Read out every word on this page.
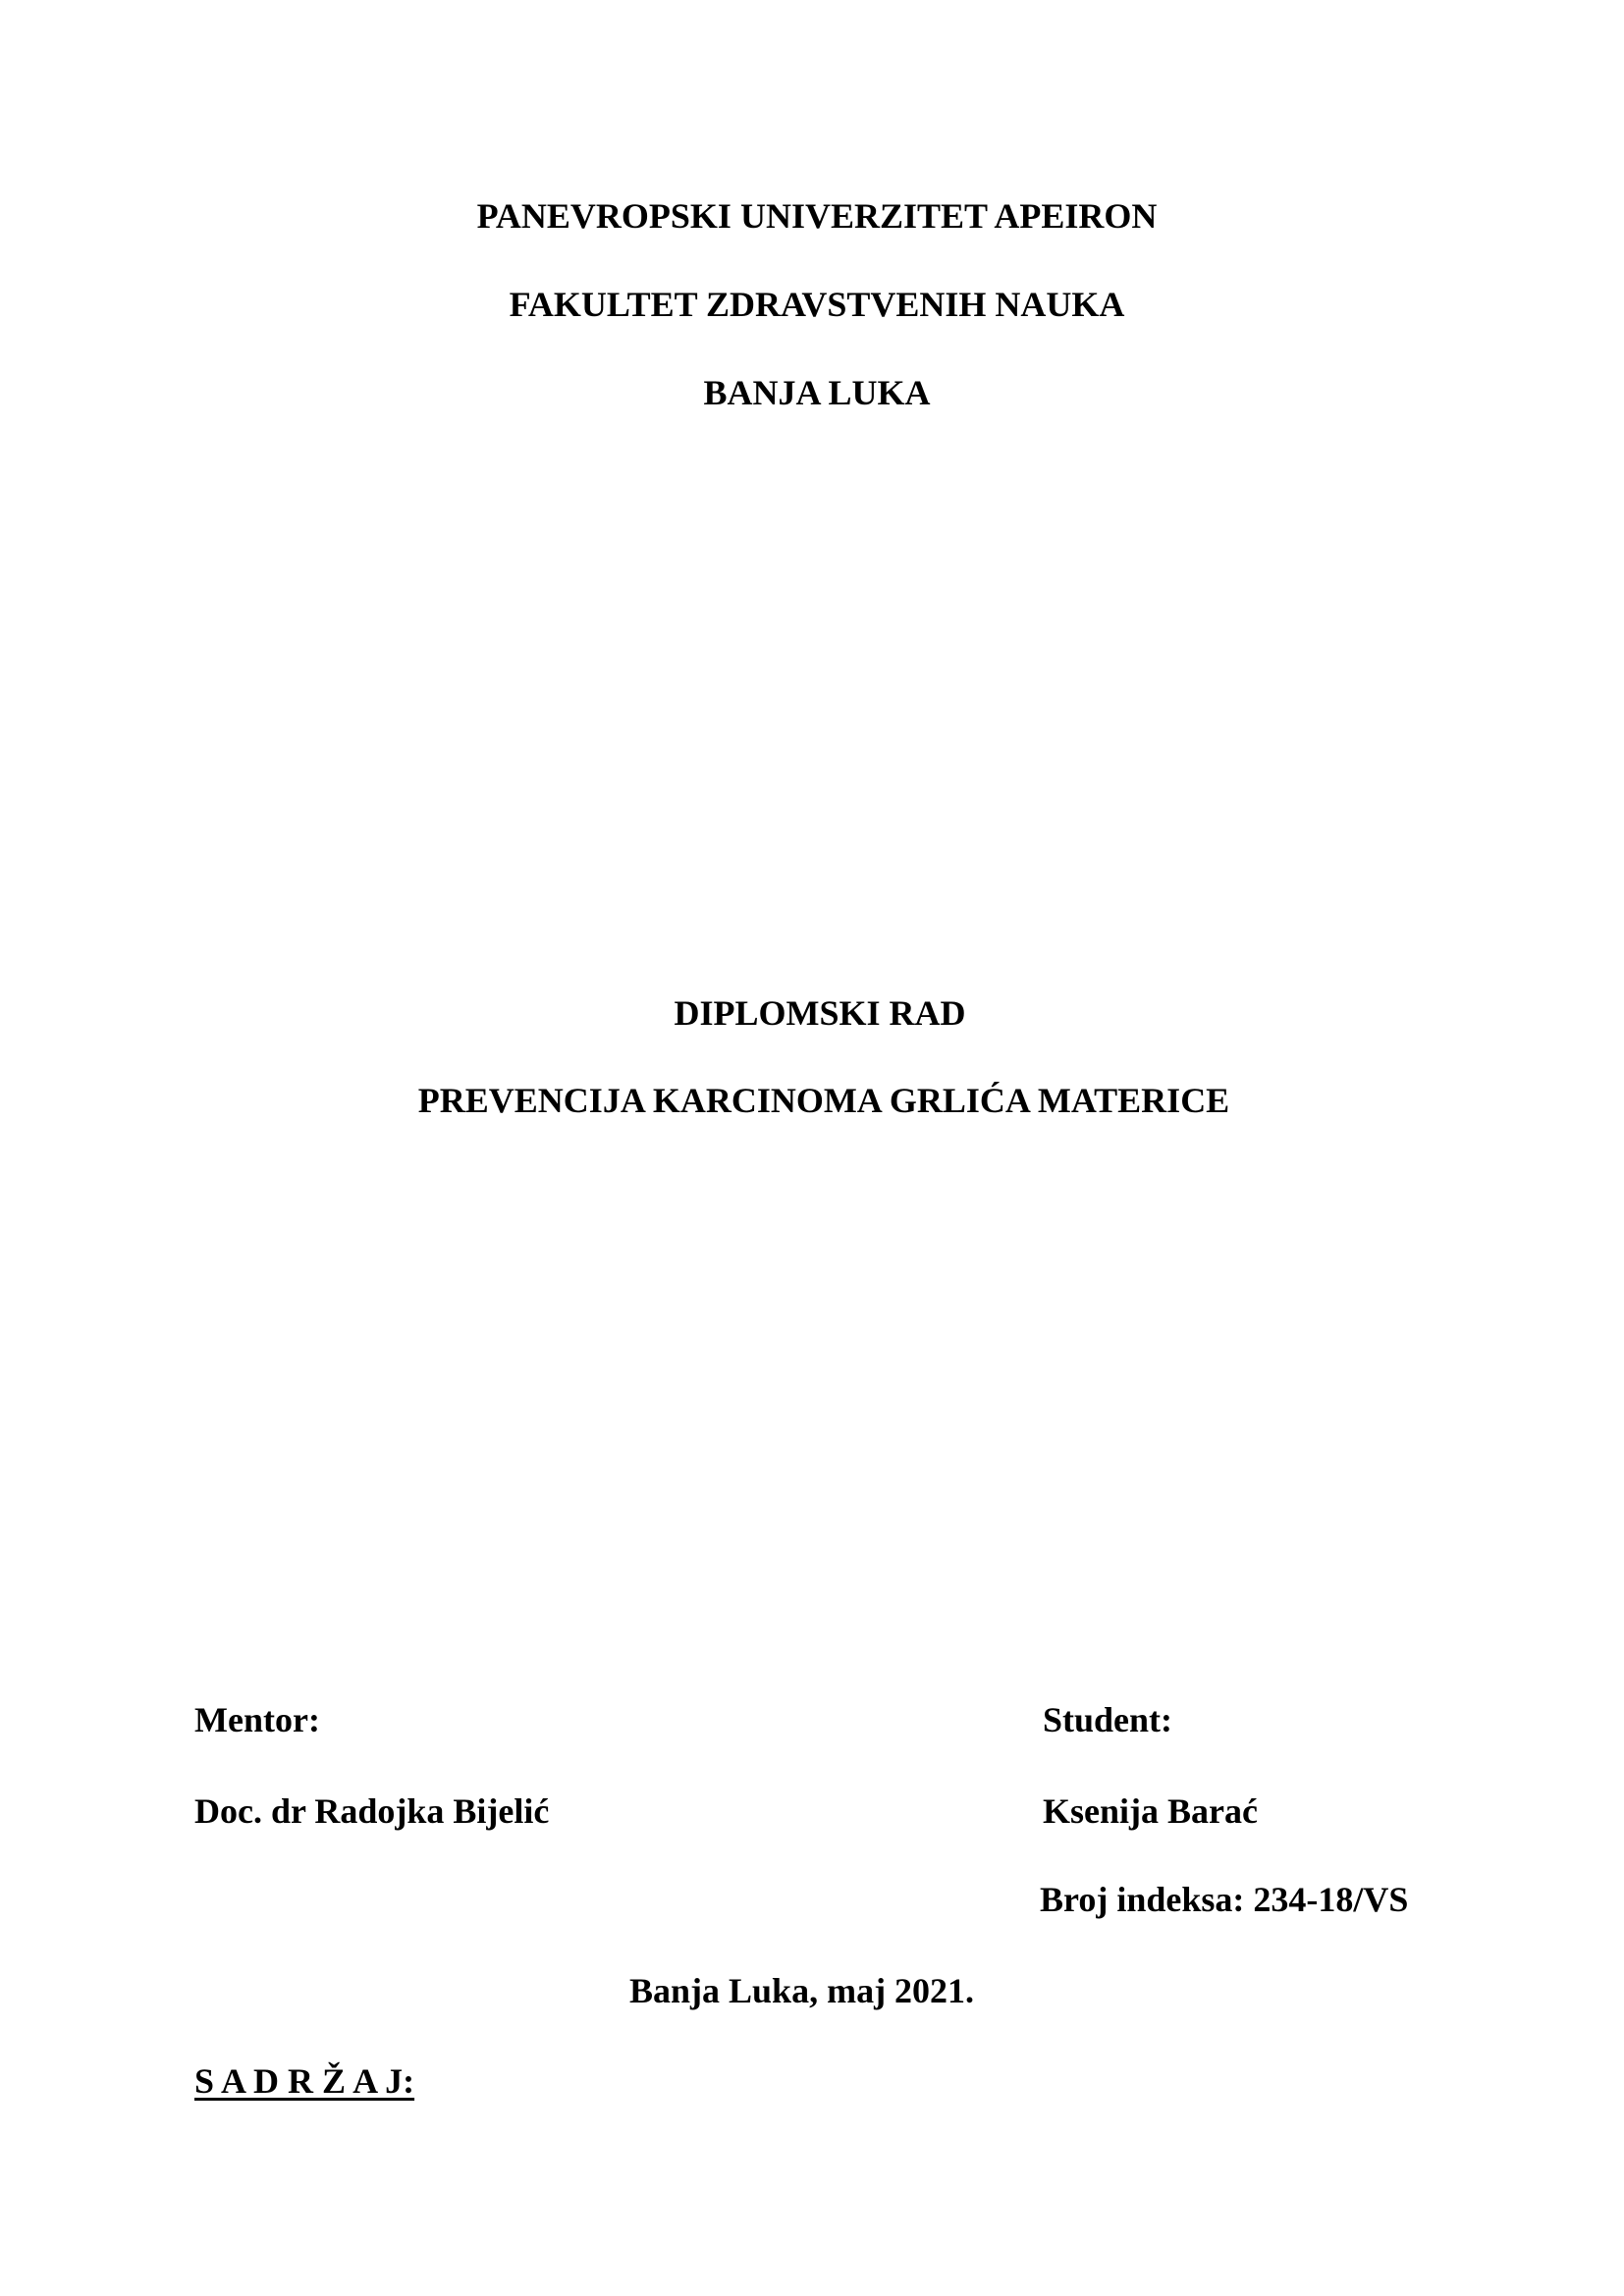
PANEVROPSKI UNIVERZITET APEIRON
FAKULTET ZDRAVSTVENIH NAUKA
BANJA LUKA
DIPLOMSKI RAD
PREVENCIJA KARCINOMA GRLIĆA MATERICE
Mentor:
Doc. dr Radojka Bijelić
Student:
Ksenija Barać
Broj indeksa: 234-18/VS
Banja Luka, maj 2021.
S A D R Ž A J:
